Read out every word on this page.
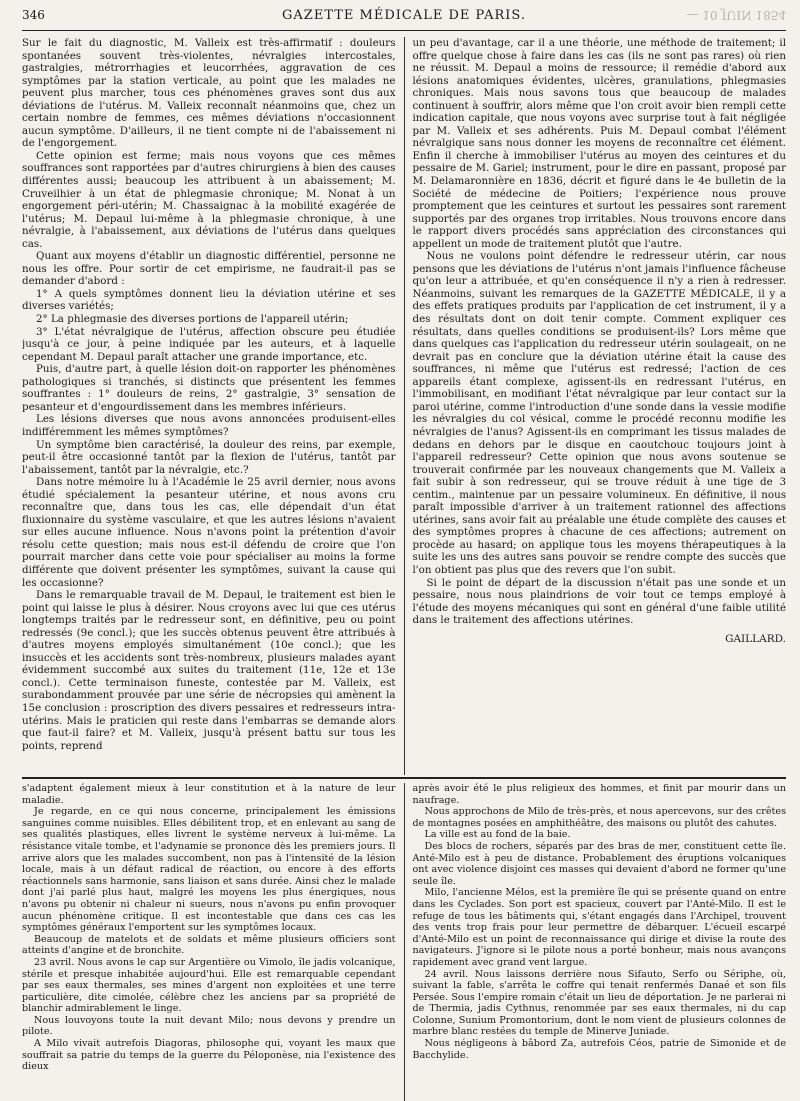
346	GAZETTE MÉDICALE DE PARIS.	— 10 JUIN 1854

Sur le fait du diagnostic, M. Valleix est très-affirmatif : douleurs spontanées souvent très-violentes, névralgies intercostales, gastralgies, métrorrhagies et leucorrhées, aggravation de ces symptômes par la station verticale, au point que les malades ne peuvent plus marcher, tous ces phénomènes graves sont dus aux déviations de l'utérus. M. Valleix reconnaît néanmoins que, chez un certain nombre de femmes, ces mêmes déviations n'occasionnent aucun symptôme. D'ailleurs, il ne tient compte ni de l'abaissement ni de l'engorgement.

Cette opinion est ferme; mais nous voyons que ces mêmes souffrances sont rapportées par d'autres chirurgiens à bien des causes différentes aussi; beaucoup les attribuent à un abaissement; M. Cruveilhier à un état de phlegmasie chronique; M. Nonat à un engorgement péri-utérin; M. Chassaignac à la mobilité exagérée de l'utérus; M. Depaul lui-même à la phlegmasie chronique, à une névralgie, à l'abaissement, aux déviations de l'utérus dans quelques cas.

Quant aux moyens d'établir un diagnostic différentiel, personne ne nous les offre. Pour sortir de cet empirisme, ne faudrait-il pas se demander d'abord :

1° A quels symptômes donnent lieu la déviation utérine et ses diverses variétés;

2° La phlegmasie des diverses portions de l'appareil utérin;

3° L'état névralgique de l'utérus, affection obscure peu étudiée jusqu'à ce jour, à peine indiquée par les auteurs, et à laquelle cependant M. Depaul paraît attacher une grande importance, etc.

Puis, d'autre part, à quelle lésion doit-on rapporter les phénomènes pathologiques si tranchés, si distincts que présentent les femmes souffrantes : 1° douleurs de reins, 2° gastralgie, 3° sensation de pesanteur et d'engourdissement dans les membres inférieurs.

Les lésions diverses que nous avons annoncées produisent-elles indifféremment les mêmes symptômes?

Un symptôme bien caractérisé, la douleur des reins, par exemple, peut-il être occasionné tantôt par la flexion de l'utérus, tantôt par l'abaissement, tantôt par la névralgie, etc.?

Dans notre mémoire lu à l'Académie le 25 avril dernier, nous avons étudié spécialement la pesanteur utérine, et nous avons cru reconnaître que, dans tous les cas, elle dépendait d'un état fluxionnaire du système vasculaire, et que les autres lésions n'avaient sur elles aucune influence. Nous n'avons point la prétention d'avoir résolu cette question; mais nous est-il défendu de croire que l'on pourrait marcher dans cette voie pour spécialiser au moins la forme différente que doivent présenter les symptômes, suivant la cause qui les occasionne?

Dans le remarquable travail de M. Depaul, le traitement est bien le point qui laisse le plus à désirer. Nous croyons avec lui que ces utérus longtemps traités par le redresseur sont, en définitive, peu ou point redressés (9e concl.); que les succès obtenus peuvent être attribués à d'autres moyens employés simultanément (10e concl.); que les insuccès et les accidents sont très-nombreux, plusieurs malades ayant évidemment succombé aux suites du traitement (11e, 12e et 13e concl.). Cette terminaison funeste, contestée par M. Valleix, est surabondamment prouvée par une série de nécropsies qui amènent la 15e conclusion : proscription des divers pessaires et redresseurs intra-utérins. Mais le praticien qui reste dans l'embarras se demande alors que faut-il faire? et M. Valleix, jusqu'à présent battu sur tous les points, reprend

un peu d'avantage, car il a une théorie, une méthode de traitement; il offre quelque chose à faire dans les cas (ils ne sont pas rares) où rien ne réussit. M. Depaul a moins de ressource; il remédie d'abord aux lésions anatomiques évidentes, ulcères, granulations, phlegmasies chroniques. Mais nous savons tous que beaucoup de malades continuent à souffrir, alors même que l'on croit avoir bien rempli cette indication capitale, que nous voyons avec surprise tout à fait négligée par M. Valleix et ses adhérents. Puis M. Depaul combat l'élément névralgique sans nous donner les moyens de reconnaître cet élément. Enfin il cherche à immobiliser l'utérus au moyen des ceintures et du pessaire de M. Gariel; instrument, pour le dire en passant, proposé par M. Delamaronnière en 1836, décrit et figuré dans le 4e bulletin de la Société de médecine de Poitiers; l'expérience nous prouve promptement que les ceintures et surtout les pessaires sont rarement supportés par des organes trop irritables. Nous trouvons encore dans le rapport divers procédés sans appréciation des circonstances qui appellent un mode de traitement plutôt que l'autre.

Nous ne voulons point défendre le redresseur utérin, car nous pensons que les déviations de l'utérus n'ont jamais l'influence fâcheuse qu'on leur a attribuée, et qu'en conséquence il n'y a rien à redresser. Néanmoins, suivant les remarques de la GAZETTE MÉDICALE, il y a des effets pratiques produits par l'application de cet instrument, il y a des résultats dont on doit tenir compte. Comment expliquer ces résultats, dans quelles conditions se produisent-ils? Lors même que dans quelques cas l'application du redresseur utérin soulageait, on ne devrait pas en conclure que la déviation utérine était la cause des souffrances, ni même que l'utérus est redressé; l'action de ces appareils étant complexe, agissent-ils en redressant l'utérus, en l'immobilisant, en modifiant l'état névralgique par leur contact sur la paroi utérine, comme l'introduction d'une sonde dans la vessie modifie les névralgies du col vésical, comme le procédé reconnu modifie les névralgies de l'anus? Agissent-ils en comprimant les tissus malades de dedans en dehors par le disque en caoutchouc toujours joint à l'appareil redresseur? Cette opinion que nous avons soutenue se trouverait confirmée par les nouveaux changements que M. Valleix a fait subir à son redresseur, qui se trouve réduit à une tige de 3 centim., maintenue par un pessaire volumineux. En définitive, il nous paraît impossible d'arriver à un traitement rationnel des affections utérines, sans avoir fait au préalable une étude complète des causes et des symptômes propres à chacune de ces affections; autrement on procède au hasard; on applique tous les moyens thérapeutiques à la suite les uns des autres sans pouvoir se rendre compte des succès que l'on obtient pas plus que des revers que l'on subit.

Si le point de départ de la discussion n'était pas une sonde et un pessaire, nous nous plaindrions de voir tout ce temps employé à l'étude des moyens mécaniques qui sont en général d'une faible utilité dans le traitement des affections utérines.

GAILLARD.

s'adaptent également mieux à leur constitution et à la nature de leur maladie.

Je regarde, en ce qui nous concerne, principalement les émissions sanguines comme nuisibles. Elles débilitent trop, et en enlevant au sang de ses qualités plastiques, elles livrent le système nerveux à lui-même. La résistance vitale tombe, et l'adynamie se prononce dès les premiers jours. Il arrive alors que les malades succombent, non pas à l'intensité de la lésion locale, mais à un défaut radical de réaction, ou encore à des efforts réactionnels sans harmonie, sans liaison et sans durée. Ainsi chez le malade dont j'ai parlé plus haut, malgré les moyens les plus énergiques, nous n'avons pu obtenir ni chaleur ni sueurs, nous n'avons pu enfin provoquer aucun phénomène critique. Il est incontestable que dans ces cas les symptômes généraux l'emportent sur les symptômes locaux.

Beaucoup de matelots et de soldats et même plusieurs officiers sont atteints d'angine et de bronchite.

23 avril. Nous avons le cap sur Argentière ou Vimolo, île jadis volcanique, stérile et presque inhabitée aujourd'hui. Elle est remarquable cependant par ses eaux thermales, ses mines d'argent non exploitées et une terre particulière, dite cimolée, célèbre chez les anciens par sa propriété de blanchir admirablement le linge.

Nous louvoyons toute la nuit devant Milo; nous devons y prendre un pilote.

A Milo vivait autrefois Diagoras, philosophe qui, voyant les maux que souffrait sa patrie du temps de la guerre du Péloponèse, nia l'existence des dieux

après avoir été le plus religieux des hommes, et finit par mourir dans un naufrage.

Nous approchons de Milo de très-près, et nous apercevons, sur des crêtes de montagnes posées en amphithéâtre, des maisons ou plutôt des cahutes.

La ville est au fond de la baie.

Des blocs de rochers, séparés par des bras de mer, constituent cette île. Anté-Milo est à peu de distance. Probablement des éruptions volcaniques ont avec violence disjoint ces masses qui devaient d'abord ne former qu'une seule île.

Milo, l'ancienne Mélos, est la première île qui se présente quand on entre dans les Cyclades. Son port est spacieux, couvert par l'Anté-Milo. Il est le refuge de tous les bâtiments qui, s'étant engagés dans l'Archipel, trouvent des vents trop frais pour leur permettre de débarquer. L'écueil escarpé d'Anté-Milo est un point de reconnaissance qui dirige et divise la route des navigateurs. J'ignore si le pilote nous a porté bonheur, mais nous avançons rapidement avec grand vent largue.

24 avril. Nous laissons derrière nous Sifauto, Serfo ou Sériphe, où, suivant la fable, s'arrêta le coffre qui tenait renfermés Danaé et son fils Persée. Sous l'empire romain c'était un lieu de déportation. Je ne parlerai ni de Thermia, jadis Cythnus, renommée par ses eaux thermales, ni du cap Colonne, Sunium Promontorium, dont le nom vient de plusieurs colonnes de marbre blanc restées du temple de Minerve Juniade.

Nous négligeons à bâbord Za, autrefois Céos, patrie de Simonide et de Bacchylide.
